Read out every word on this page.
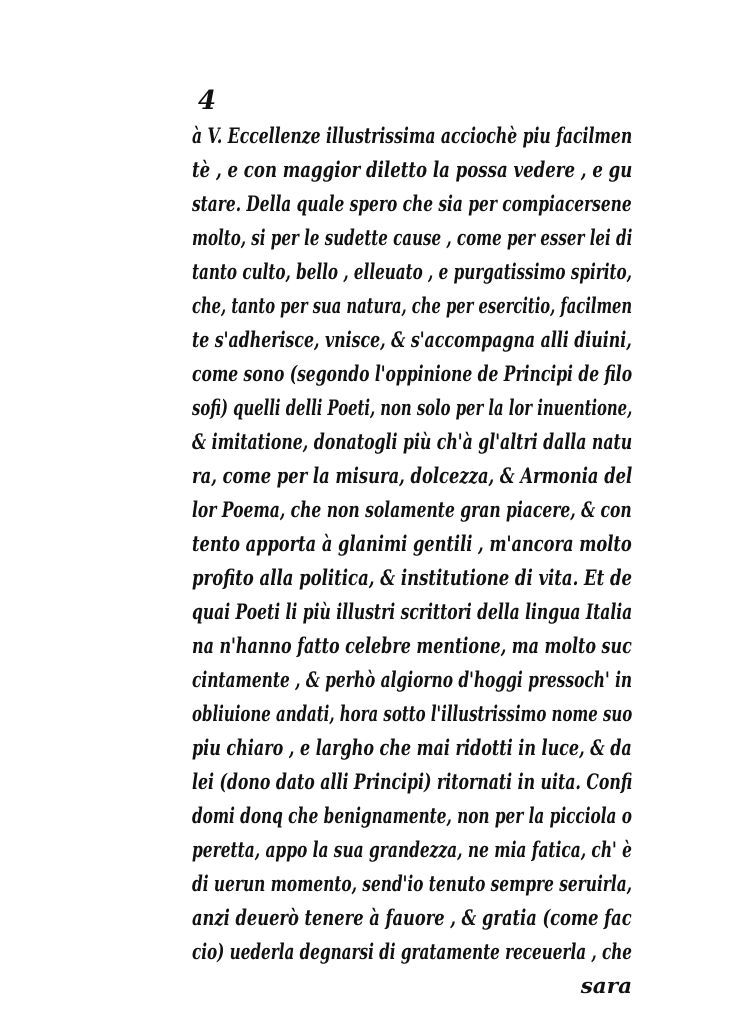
4
à V. Eccellenze illustrissima acciochè piu facilmen
tè , e con maggior diletto la possa vedere , e gu
stare. Della quale spero che sia per compiacersene
molto, si per le sudette cause , come per esser lei di
tanto culto, bello , elleuato , e purgatissimo spirito,
che, tanto per sua natura, che per esercitio, facilmen
te s'adherisce, vnisce, & s'accompagna alli diuini,
come sono (segondo l'oppinione de Principi de filo
sofi) quelli delli Poeti, non solo per la lor inuentione,
& imitatione, donatogli più ch'à gl'altri dalla natu
ra, come per la misura, dolcezza, & Armonia del
lor Poema, che non solamente gran piacere, & con
tento apporta à glanimi gentili , m'ancora molto
profito alla politica, & institutione di vita. Et de
quai Poeti li più illustri scrittori della lingua Italia
na n'hanno fatto celebre mentione, ma molto suc
cintamente , & perhò algiorno d'hoggi pressoch' in
obliuione andati, hora sotto l'illustrissimo nome suo
piu chiaro , e largho che mai ridotti in luce, & da
lei (dono dato alli Principi) ritornati in uita. Confi
domi donq che benignamente, non per la picciola o
peretta, appo la sua grandezza, ne mia fatica, ch' è
di uerun momento, send'io tenuto sempre seruirla,
anzi deuerò tenere à fauore , & gratia (come fac
cio) uederla degnarsi di gratamente receuerla , che
sara
